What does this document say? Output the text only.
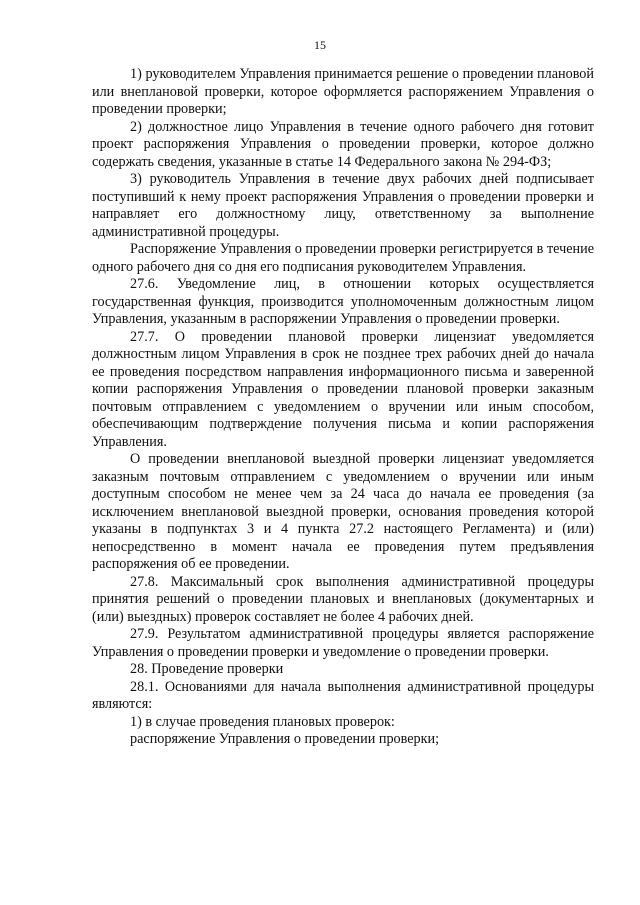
15

1) руководителем Управления принимается решение о проведении плановой или внеплановой проверки, которое оформляется распоряжением Управления о проведении проверки;

2) должностное лицо Управления в течение одного рабочего дня готовит проект распоряжения Управления о проведении проверки, которое должно содержать сведения, указанные в статье 14 Федерального закона № 294-ФЗ;

3) руководитель Управления в течение двух рабочих дней подписывает поступивший к нему проект распоряжения Управления о проведении проверки и направляет его должностному лицу, ответственному за выполнение административной процедуры.

Распоряжение Управления о проведении проверки регистрируется в течение одного рабочего дня со дня его подписания руководителем Управления.

27.6. Уведомление лиц, в отношении которых осуществляется государственная функция, производится уполномоченным должностным лицом Управления, указанным в распоряжении Управления о проведении проверки.

27.7. О проведении плановой проверки лицензиат уведомляется должностным лицом Управления в срок не позднее трех рабочих дней до начала ее проведения посредством направления информационного письма и заверенной копии распоряжения Управления о проведении плановой проверки заказным почтовым отправлением с уведомлением о вручении или иным способом, обеспечивающим подтверждение получения письма и копии распоряжения Управления.

О проведении внеплановой выездной проверки лицензиат уведомляется заказным почтовым отправлением с уведомлением о вручении или иным доступным способом не менее чем за 24 часа до начала ее проведения (за исключением внеплановой выездной проверки, основания проведения которой указаны в подпунктах 3 и 4 пункта 27.2 настоящего Регламента) и (или) непосредственно в момент начала ее проведения путем предъявления распоряжения об ее проведении.

27.8. Максимальный срок выполнения административной процедуры принятия решений о проведении плановых и внеплановых (документарных и (или) выездных) проверок составляет не более 4 рабочих дней.

27.9. Результатом административной процедуры является распоряжение Управления о проведении проверки и уведомление о проведении проверки.

28. Проведение проверки

28.1. Основаниями для начала выполнения административной процедуры являются:

1) в случае проведения плановых проверок:

распоряжение Управления о проведении проверки;
